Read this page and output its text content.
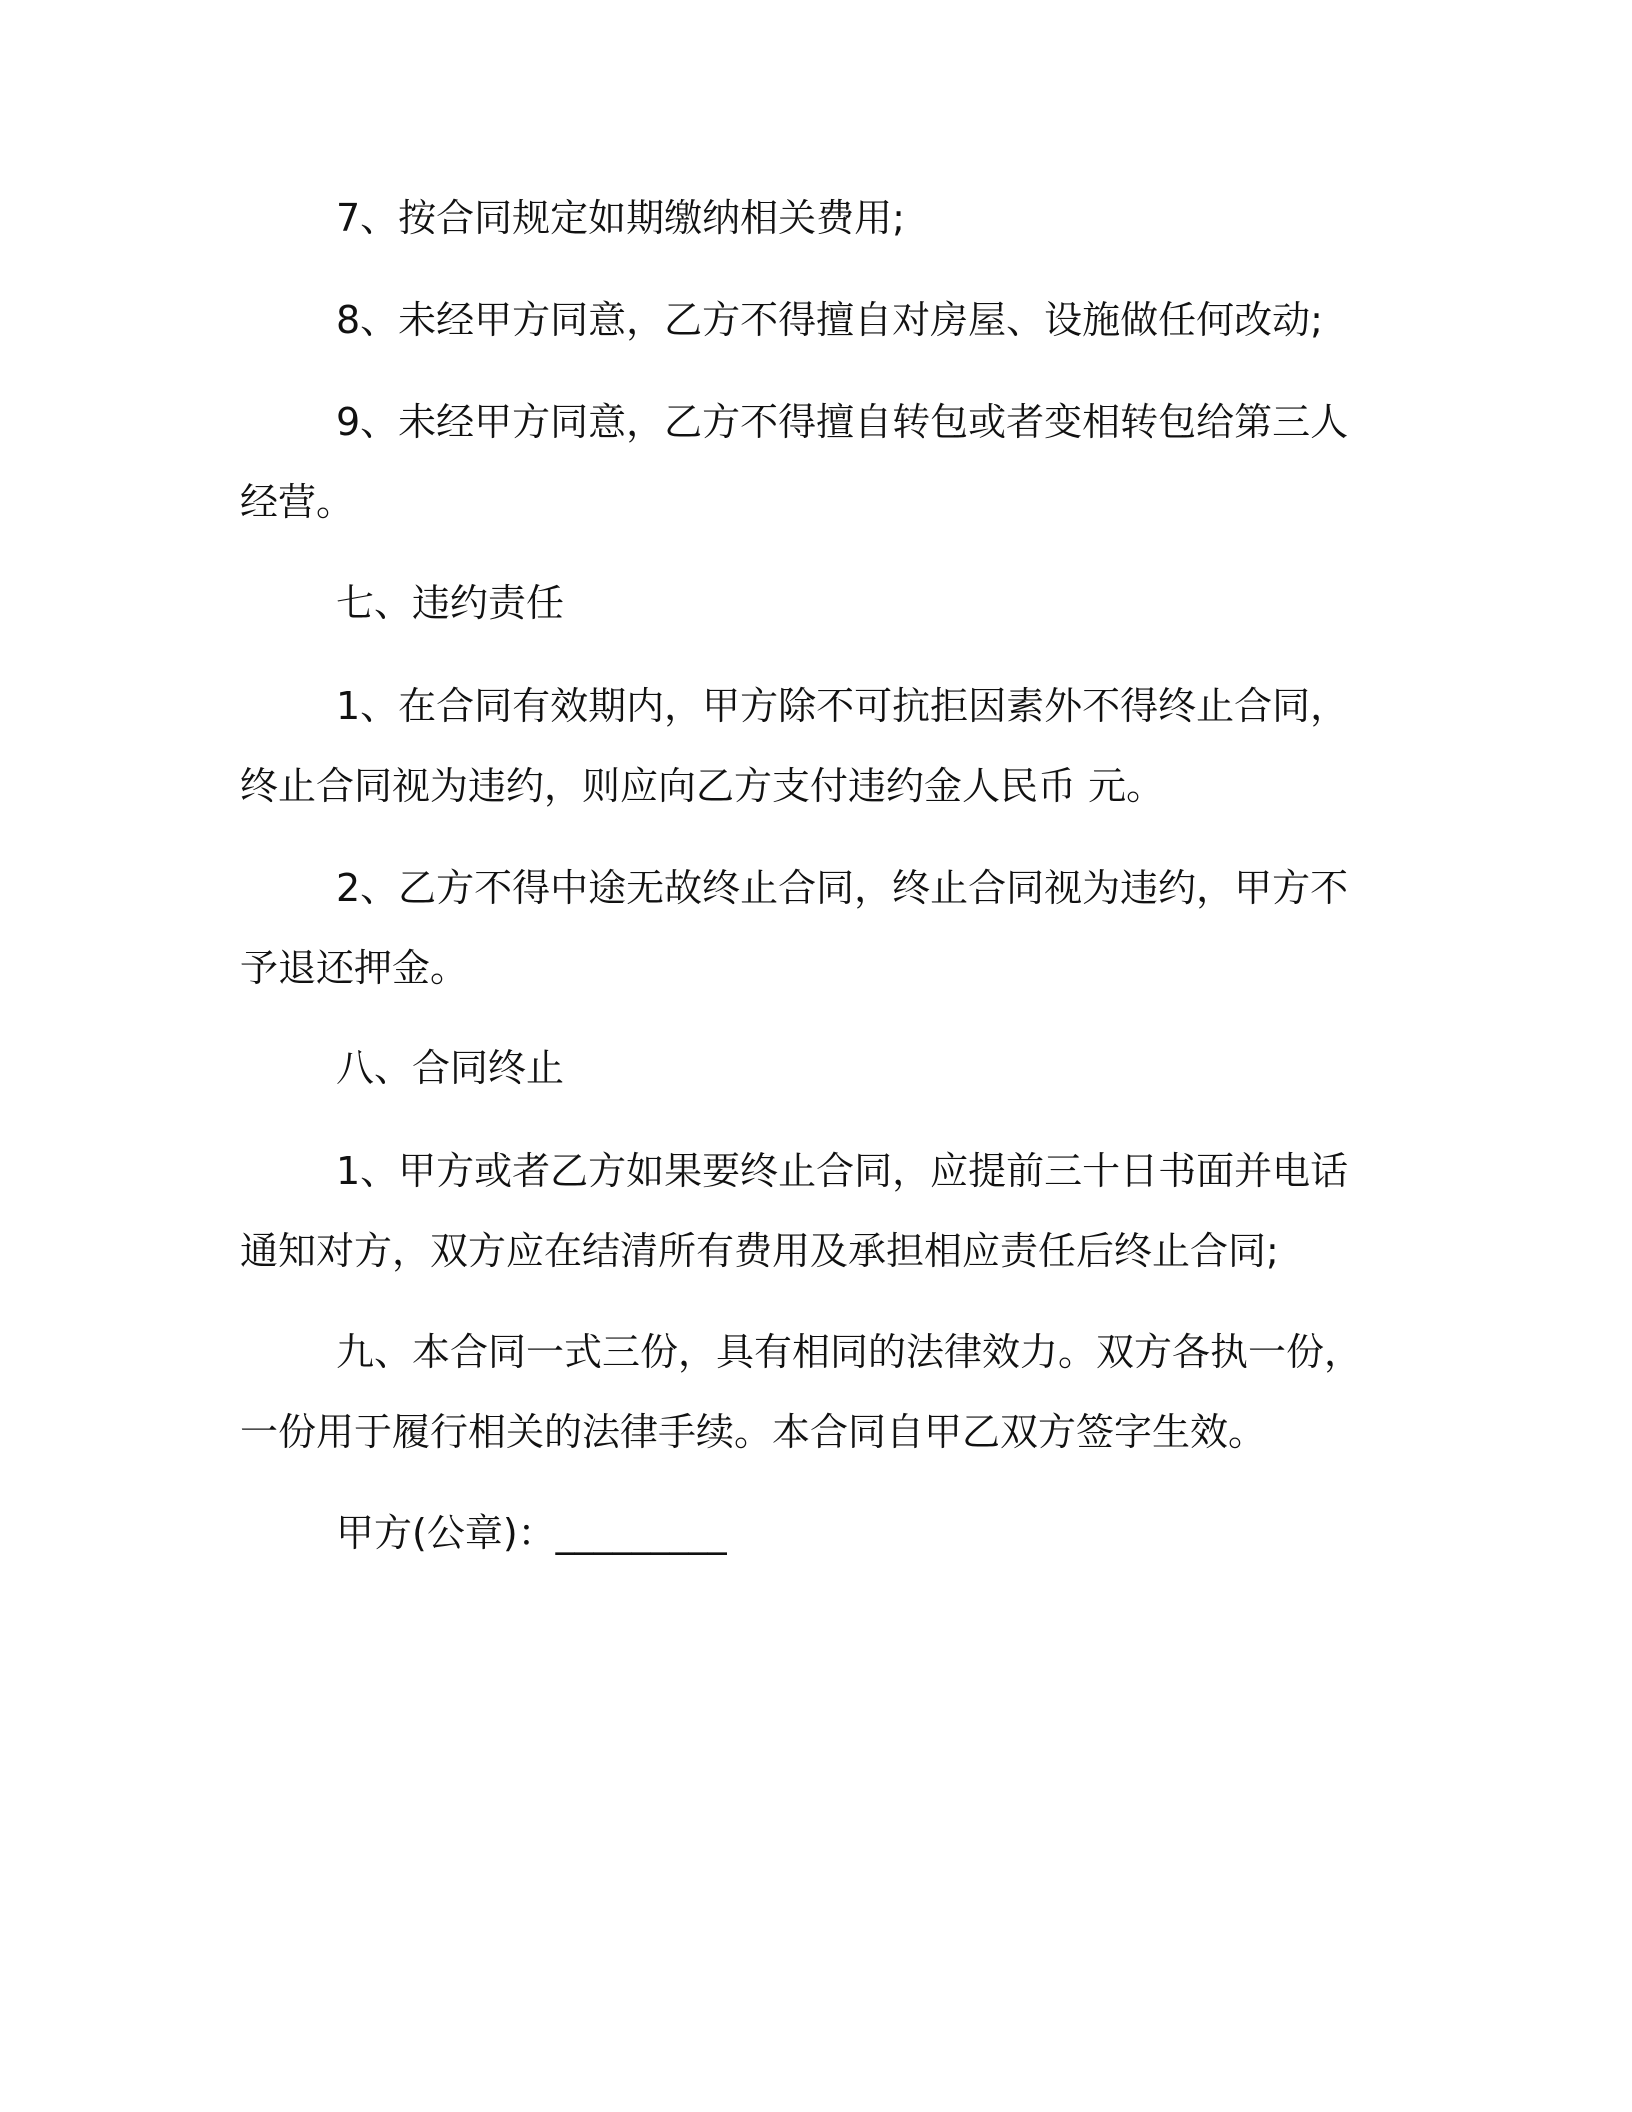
7、按合同规定如期缴纳相关费用;

8、未经甲方同意，乙方不得擅自对房屋、设施做任何改动;

9、未经甲方同意，乙方不得擅自转包或者变相转包给第三人经营。

七、违约责任

1、在合同有效期内，甲方除不可抗拒因素外不得终止合同，终止合同视为违约，则应向乙方支付违约金人民币 元。

2、乙方不得中途无故终止合同，终止合同视为违约，甲方不予退还押金。

八、合同终止

1、甲方或者乙方如果要终止合同，应提前三十日书面并电话通知对方，双方应在结清所有费用及承担相应责任后终止合同;

九、本合同一式三份，具有相同的法律效力。双方各执一份，一份用于履行相关的法律手续。本合同自甲乙双方签字生效。

甲方(公章)：_________
